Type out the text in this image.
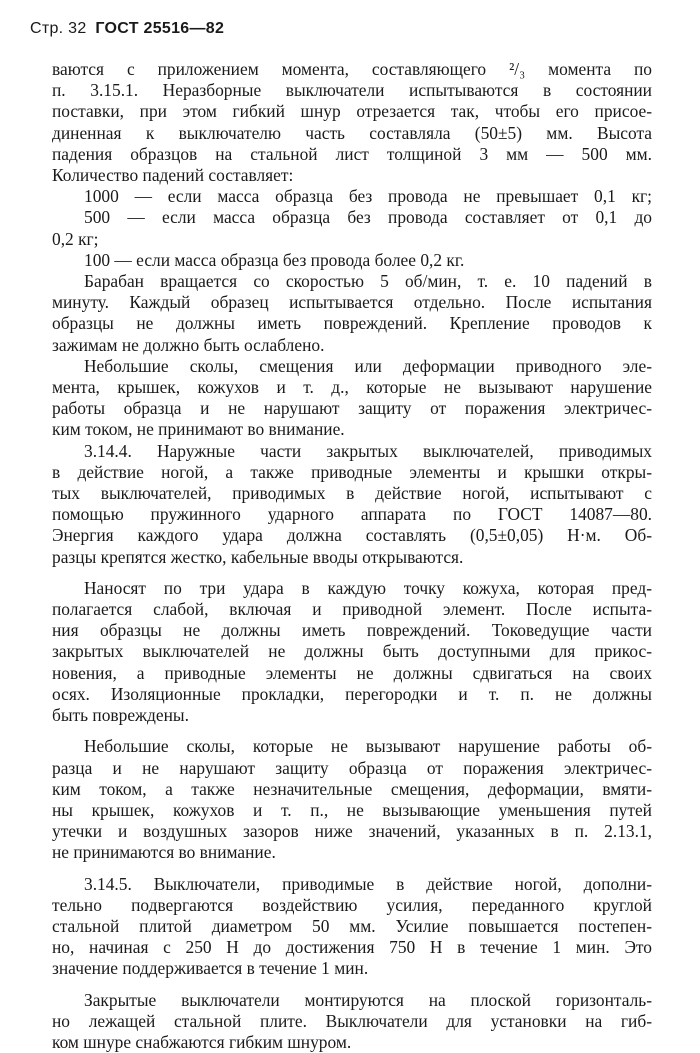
Стр. 32 ГОСТ 25516—82
ваются с приложением момента, составляющего ²/₃ момента по
п. 3.15.1. Неразборные выключатели испытываются в состоянии
поставки, при этом гибкий шнур отрезается так, чтобы его присое-
диненная к выключателю часть составляла (50±5) мм. Высота
падения образцов на стальной лист толщиной 3 мм — 500 мм.
Количество падений составляет:
1000 — если масса образца без провода не превышает 0,1 кг;
500 — если масса образца без провода составляет от 0,1 до
0,2 кг;
100 — если масса образца без провода более 0,2 кг.
Барабан вращается со скоростью 5 об/мин, т. е. 10 падений в
минуту. Каждый образец испытывается отдельно. После испытания
образцы не должны иметь повреждений. Крепление проводов к
зажимам не должно быть ослаблено.
Небольшие сколы, смещения или деформации приводного эле-
мента, крышек, кожухов и т. д., которые не вызывают нарушение
работы образца и не нарушают защиту от поражения электричес-
ким током, не принимают во внимание.
3.14.4. Наружные части закрытых выключателей, приводимых
в действие ногой, а также приводные элементы и крышки откры-
тых выключателей, приводимых в действие ногой, испытывают с
помощью пружинного ударного аппарата по ГОСТ 14087—80.
Энергия каждого удара должна составлять (0,5±0,05) Н·м. Об-
разцы крепятся жестко, кабельные вводы открываются.
Наносят по три удара в каждую точку кожуха, которая пред-
полагается слабой, включая и приводной элемент. После испыта-
ния образцы не должны иметь повреждений. Токоведущие части
закрытых выключателей не должны быть доступными для прикос-
новения, а приводные элементы не должны сдвигаться на своих
осях. Изоляционные прокладки, перегородки и т. п. не должны
быть повреждены.
Небольшие сколы, которые не вызывают нарушение работы об-
разца и не нарушают защиту образца от поражения электричес-
ким током, а также незначительные смещения, деформации, вмяти-
ны крышек, кожухов и т. п., не вызывающие уменьшения путей
утечки и воздушных зазоров ниже значений, указанных в п. 2.13.1,
не принимаются во внимание.
3.14.5. Выключатели, приводимые в действие ногой, дополни-
тельно подвергаются воздействию усилия, переданного круглой
стальной плитой диаметром 50 мм. Усилие повышается постепен-
но, начиная с 250 Н до достижения 750 Н в течение 1 мин. Это
значение поддерживается в течение 1 мин.
Закрытые выключатели монтируются на плоской горизонталь-
но лежащей стальной плите. Выключатели для установки на гиб-
ком шнуре снабжаются гибким шнуром.
